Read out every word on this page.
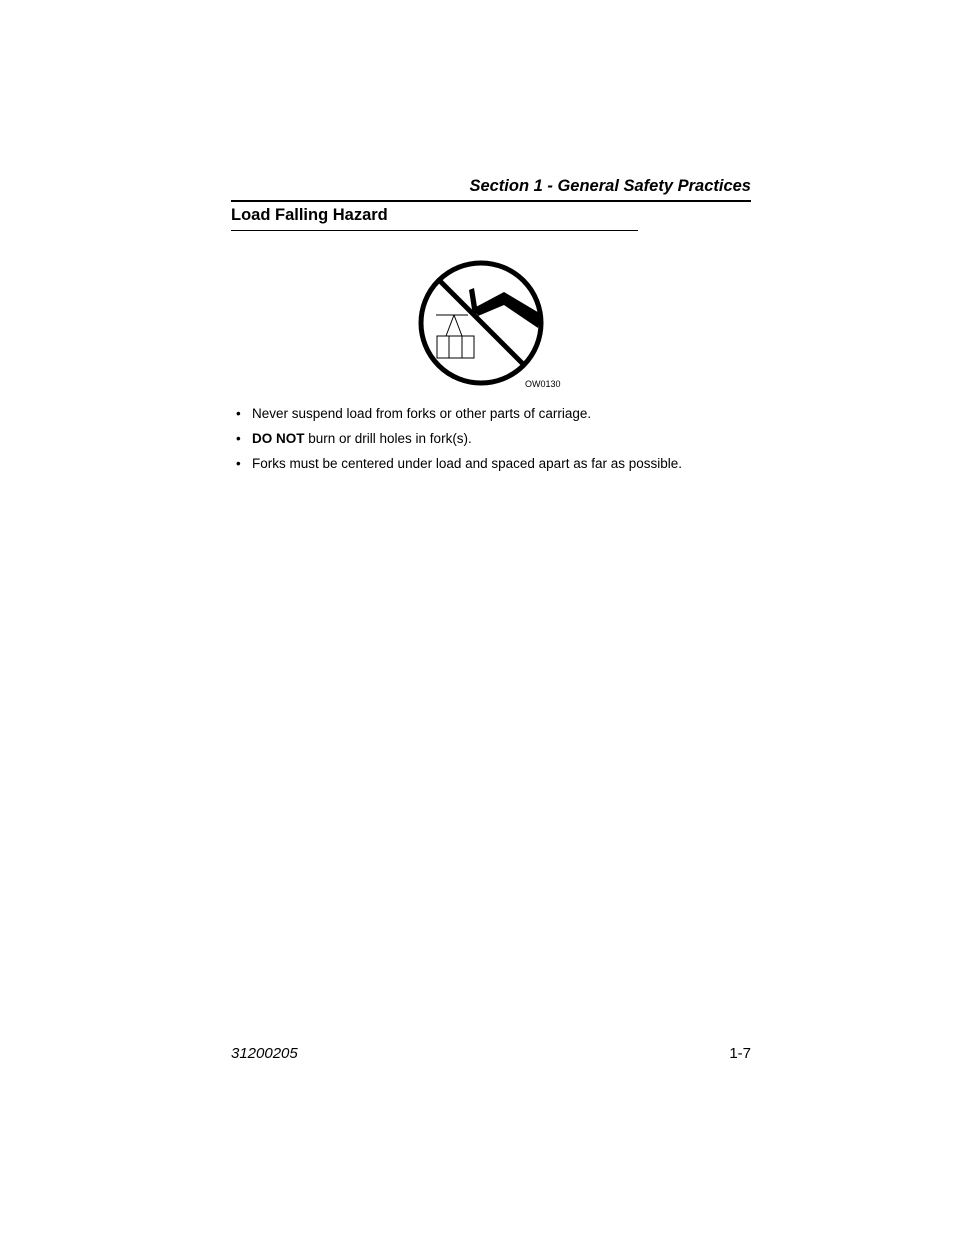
Section 1 - General Safety Practices
Load Falling Hazard
OW0130
• Never suspend load from forks or other parts of carriage.
• DO NOT burn or drill holes in fork(s).
• Forks must be centered under load and spaced apart as far as possible.
31200205	1-7
